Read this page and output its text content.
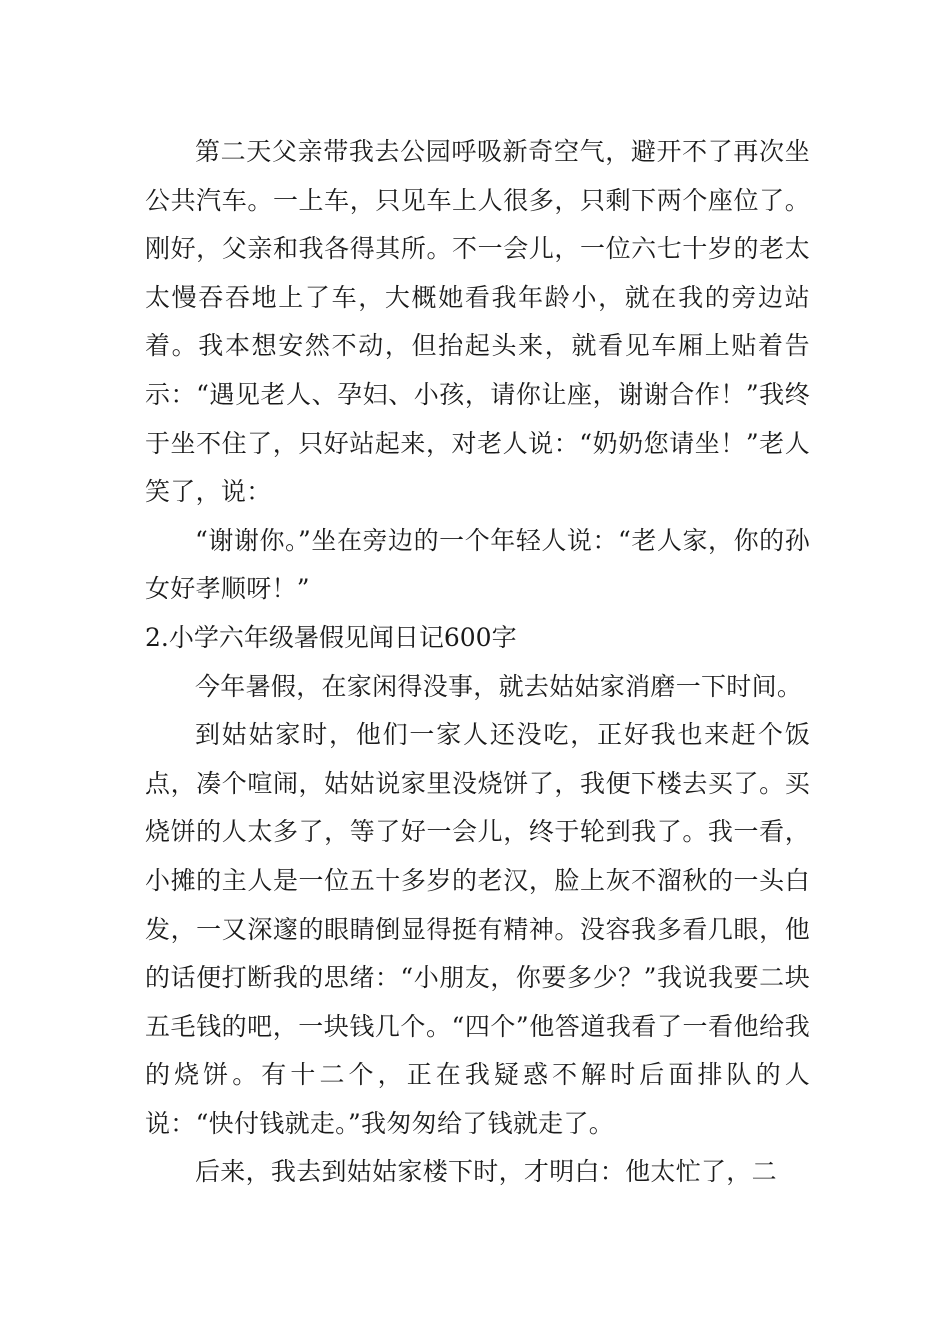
第二天父亲带我去公园呼吸新奇空气，避开不了再次坐公共汽车。一上车，只见车上人很多，只剩下两个座位了。刚好，父亲和我各得其所。不一会儿，一位六七十岁的老太太慢吞吞地上了车，大概她看我年龄小，就在我的旁边站着。我本想安然不动，但抬起头来，就看见车厢上贴着告示：“遇见老人、孕妇、小孩，请你让座，谢谢合作！”我终于坐不住了，只好站起来，对老人说：“奶奶您请坐！”老人笑了，说：

“谢谢你。”坐在旁边的一个年轻人说：“老人家，你的孙女好孝顺呀！”

2.小学六年级暑假见闻日记600字

今年暑假，在家闲得没事，就去姑姑家消磨一下时间。

到姑姑家时，他们一家人还没吃，正好我也来赶个饭点，凑个喧闹，姑姑说家里没烧饼了，我便下楼去买了。买烧饼的人太多了，等了好一会儿，终于轮到我了。我一看，小摊的主人是一位五十多岁的老汉，脸上灰不溜秋的一头白发，一又深邃的眼睛倒显得挺有精神。没容我多看几眼，他的话便打断我的思绪：“小朋友，你要多少？”我说我要二块五毛钱的吧，一块钱几个。“四个”他答道我看了一看他给我的烧饼。有十二个，正在我疑惑不解时后面排队的人说：“快付钱就走。”我匆匆给了钱就走了。

后来，我去到姑姑家楼下时，才明白：他太忙了，二
